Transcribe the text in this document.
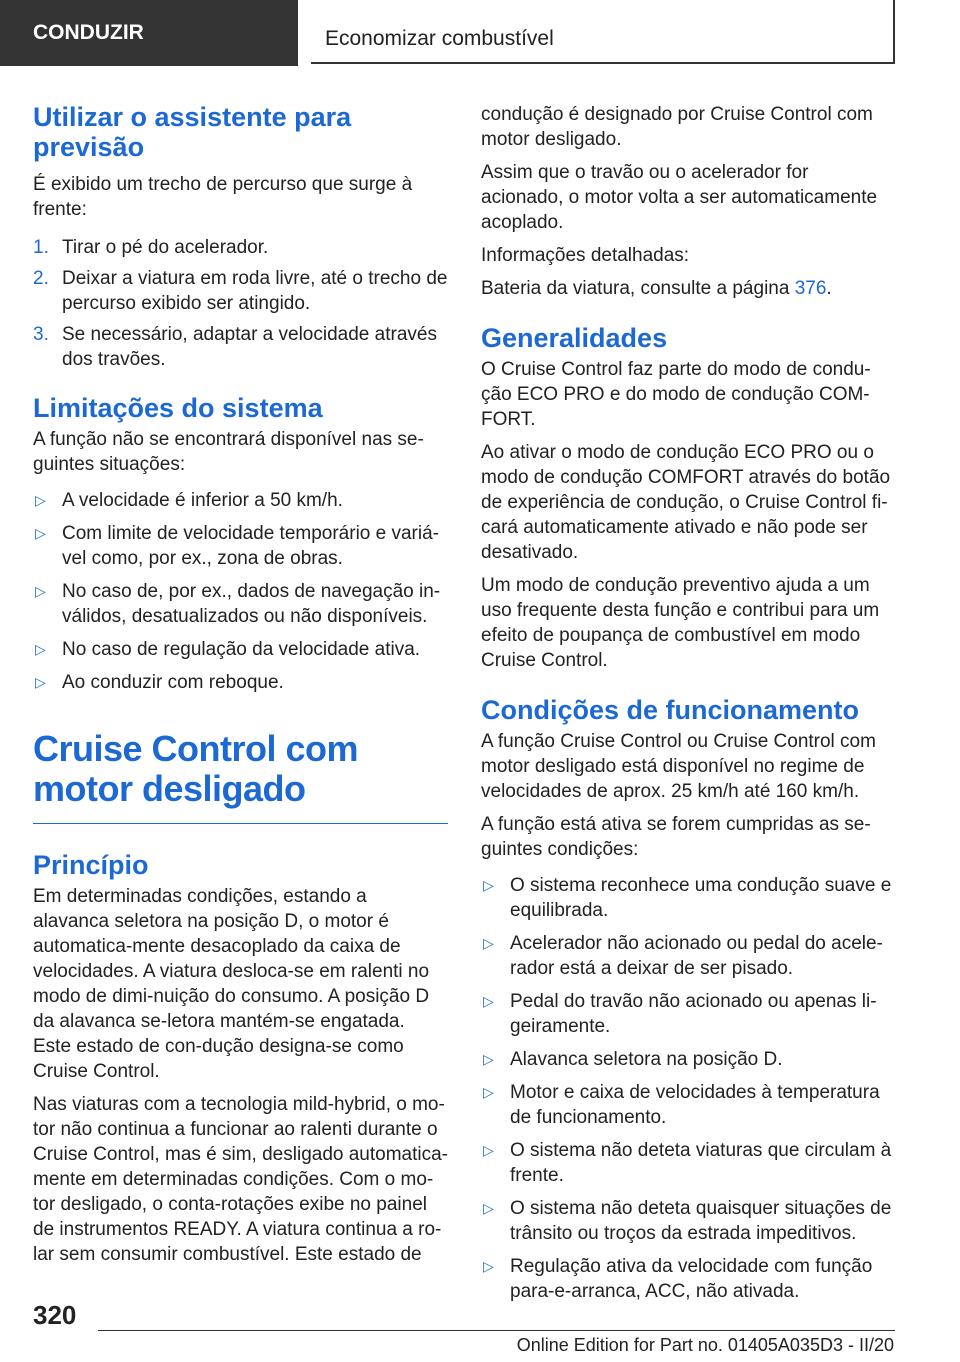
CONDUZIR	Economizar combustível
Utilizar o assistente para previsão

É exibido um trecho de percurso que surge à frente:

1. Tirar o pé do acelerador.
2. Deixar a viatura em roda livre, até o trecho de percurso exibido ser atingido.
3. Se necessário, adaptar a velocidade através dos travões.
Limitações do sistema

A função não se encontrará disponível nas se‐guintes situações:

▷ A velocidade é inferior a 50 km/h.
▷ Com limite de velocidade temporário e variá‐vel como, por ex., zona de obras.
▷ No caso de, por ex., dados de navegação in‐válidos, desatualizados ou não disponíveis.
▷ No caso de regulação da velocidade ativa.
▷ Ao conduzir com reboque.
Cruise Control com motor desligado
Princípio

Em determinadas condições, estando a alavanca seletora na posição D, o motor é automatica‐mente desacoplado da caixa de velocidades. A viatura desloca-se em ralenti no modo de dimi‐nuição do consumo. A posição D da alavanca se‐letora mantém-se engatada. Este estado de con‐dução designa-se como Cruise Control.

Nas viaturas com a tecnologia mild-hybrid, o mo‐tor não continua a funcionar ao ralenti durante o Cruise Control, mas é sim, desligado automatica‐mente em determinadas condições. Com o mo‐tor desligado, o conta-rotações exibe no painel de instrumentos READY. A viatura continua a ro‐lar sem consumir combustível. Este estado de

condução é designado por Cruise Control com motor desligado.

Assim que o travão ou o acelerador for acionado, o motor volta a ser automaticamente acoplado.

Informações detalhadas:

Bateria da viatura, consulte a página 376.

Generalidades

O Cruise Control faz parte do modo de condu‐ção ECO PRO e do modo de condução COM‐FORT.

Ao ativar o modo de condução ECO PRO ou o modo de condução COMFORT através do botão de experiência de condução, o Cruise Control fi‐cará automaticamente ativado e não pode ser desativado.

Um modo de condução preventivo ajuda a um uso frequente desta função e contribui para um efeito de poupança de combustível em modo Cruise Control.

Condições de funcionamento

A função Cruise Control ou Cruise Control com motor desligado está disponível no regime de velocidades de aprox. 25 km/h até 160 km/h.

A função está ativa se forem cumpridas as se‐guintes condições:

▷ O sistema reconhece uma condução suave e equilibrada.
▷ Acelerador não acionado ou pedal do acele‐rador está a deixar de ser pisado.
▷ Pedal do travão não acionado ou apenas li‐geiramente.
▷ Alavanca seletora na posição D.
▷ Motor e caixa de velocidades à temperatura de funcionamento.
▷ O sistema não deteta viaturas que circulam à frente.
▷ O sistema não deteta quaisquer situações de trânsito ou troços da estrada impeditivos.
▷ Regulação ativa da velocidade com função para-e-arranca, ACC, não ativada.
320
Online Edition for Part no. 01405A035D3 - II/20
